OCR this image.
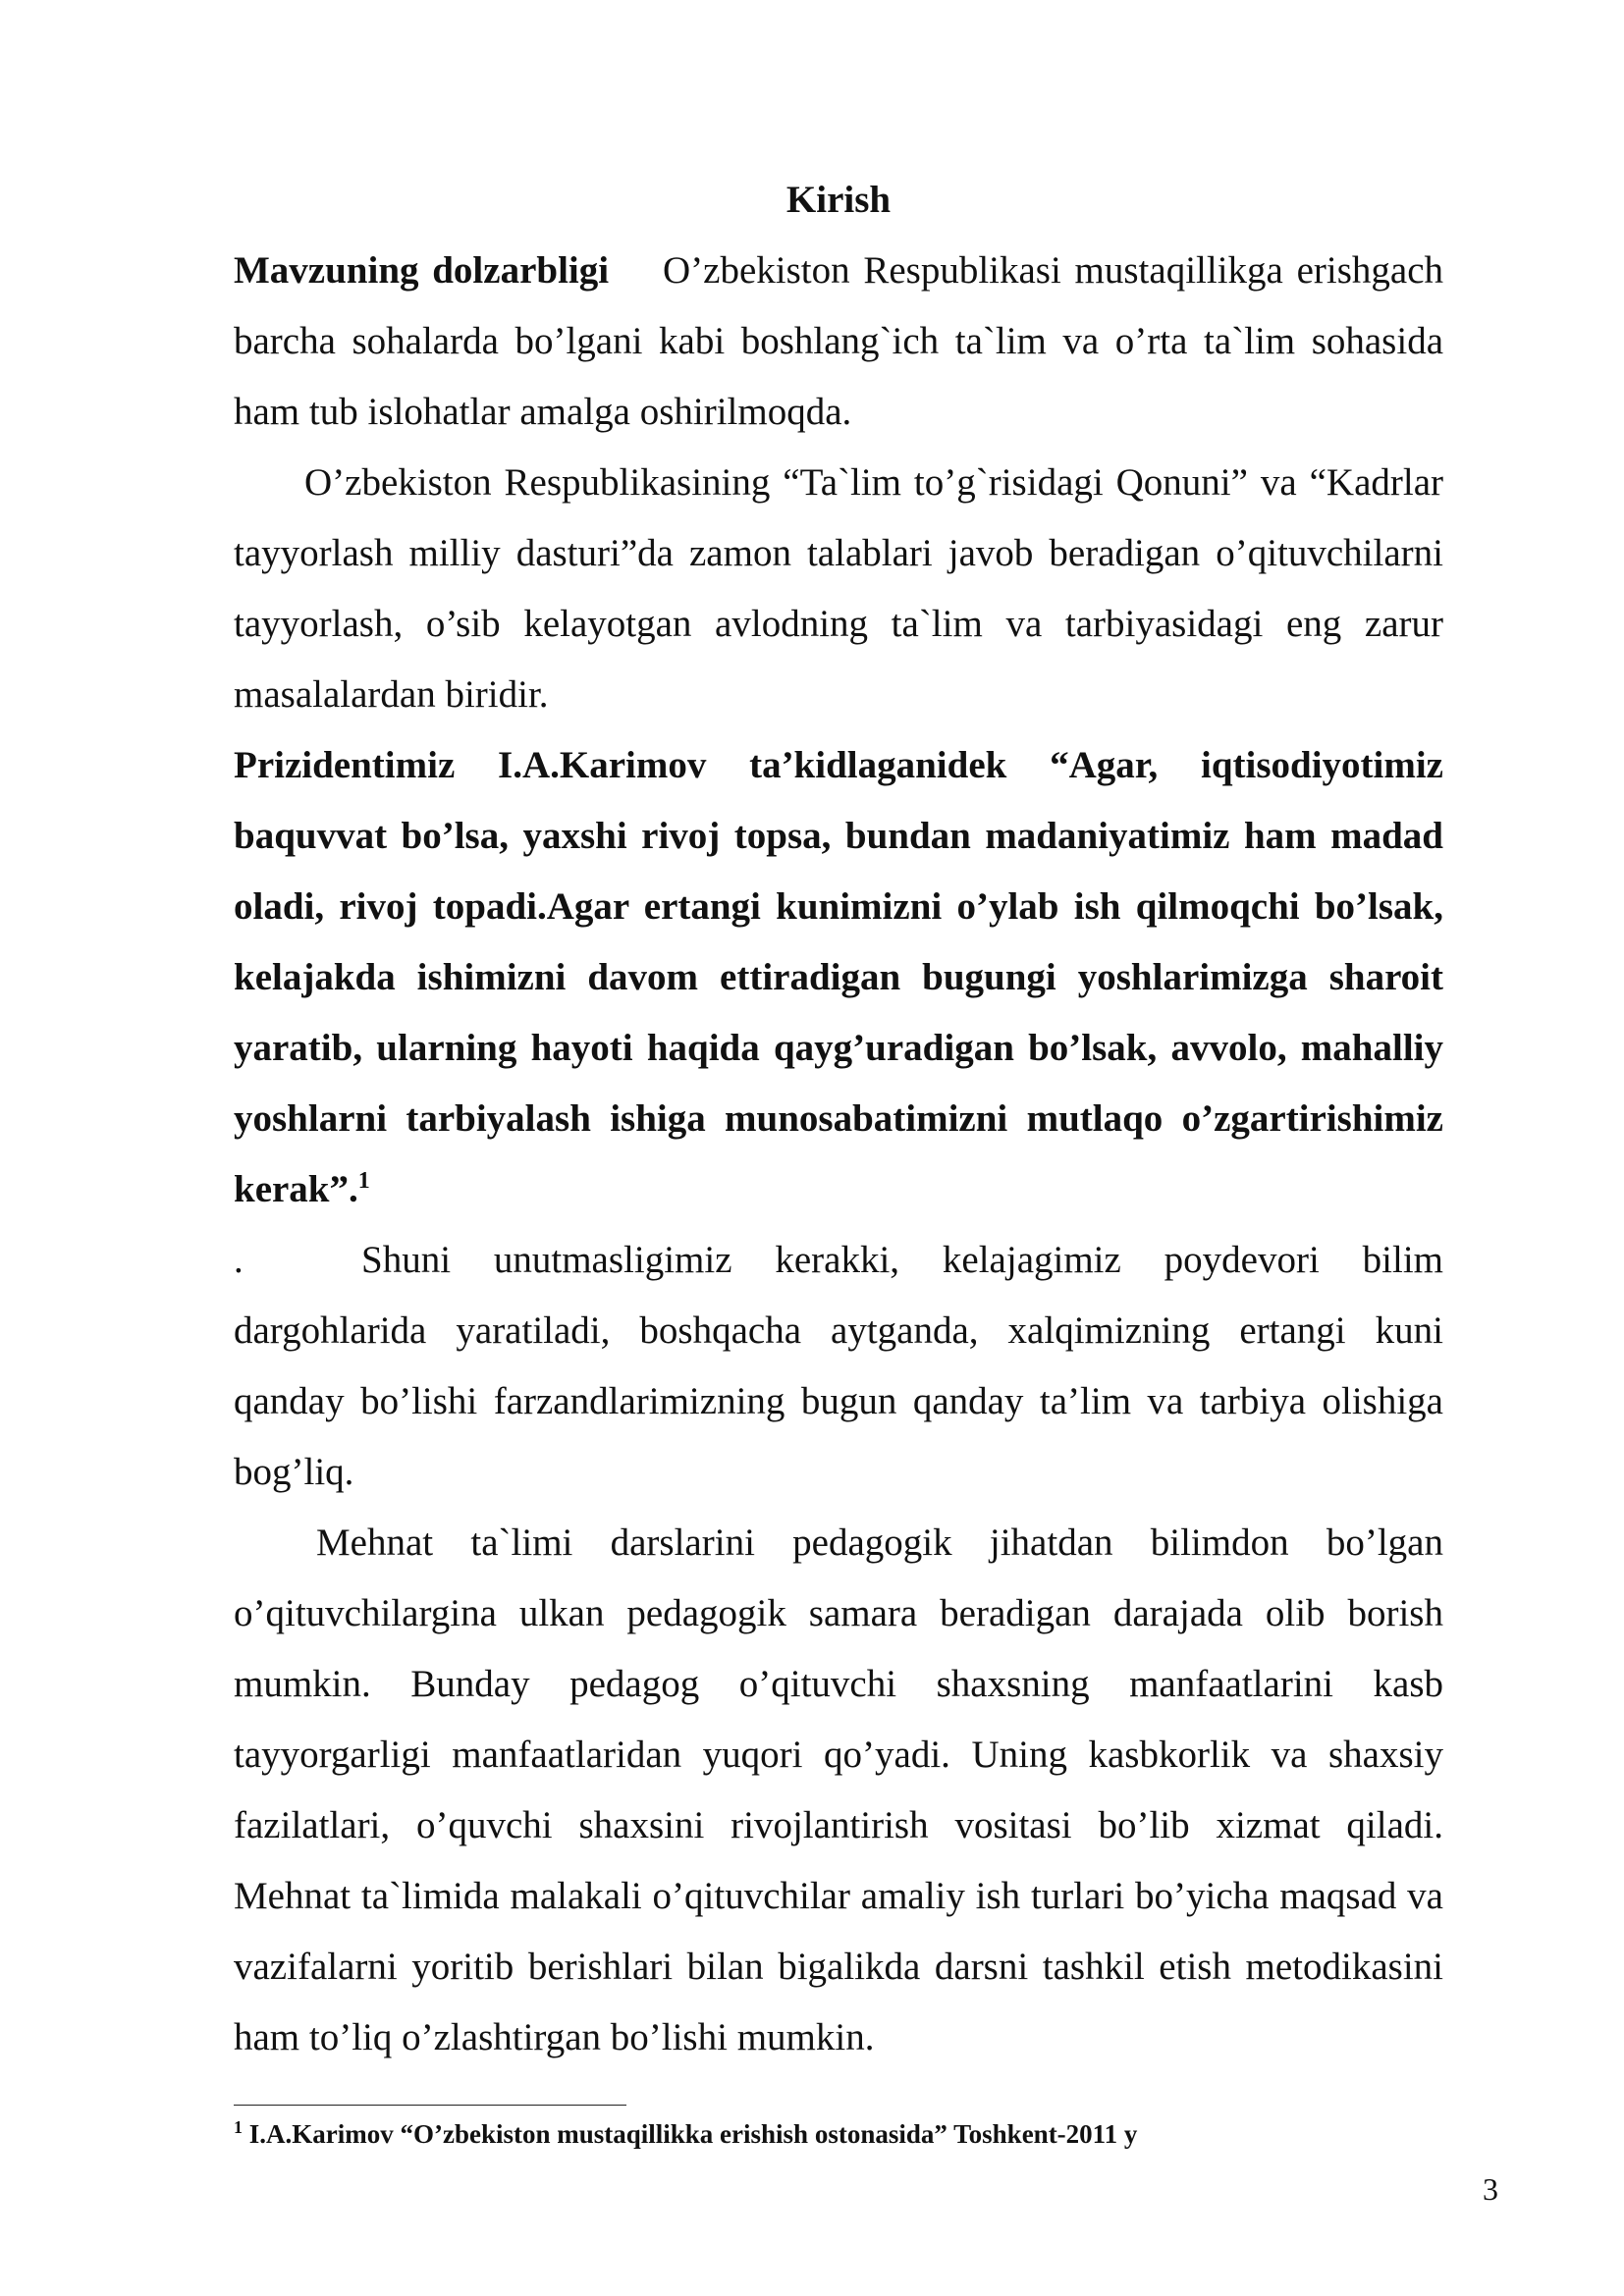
Kirish

Mavzuning dolzarbligi O’zbekiston Respublikasi mustaqillikga erishgach barcha sohalarda bo’lgani kabi boshlang`ich ta`lim va o’rta ta`lim sohasida ham tub islohatlar amalga oshirilmoqda.

O’zbekiston Respublikasining “Ta`lim to’g`risidagi Qonuni” va “Kadrlar tayyorlash milliy dasturi”da zamon talablari javob beradigan o’qituvchilarni tayyorlash, o’sib kelayotgan avlodning ta`lim va tarbiyasidagi eng zarur masalalardan biridir.

Prizidentimiz I.A.Karimov ta’kidlaganidek “Agar, iqtisodiyotimiz baquvvat bo’lsa, yaxshi rivoj topsa, bundan madaniyatimiz ham madad oladi, rivoj topadi.Agar ertangi kunimizni o’ylab ish qilmoqchi bo’lsak, kelajakda ishimizni davom ettiradigan bugungi yoshlarimizga sharoit yaratib, ularning hayoti haqida qayg’uradigan bo’lsak, avvolo, mahalliy yoshlarni tarbiyalash ishiga munosabatimizni mutlaqo o’zgartirishimiz kerak”.$^1$

.	Shuni unutmasligimiz kerakki, kelajagimiz poydevori bilim dargohlarida yaratiladi, boshqacha aytganda, xalqimizning ertangi kuni qanday bo’lishi farzandlarimizning bugun qanday ta’lim va tarbiya olishiga bog’liq.

Mehnat ta`limi darslarini pedagogik jihatdan bilimdon bo’lgan o’qituvchilargina ulkan pedagogik samara beradigan darajada olib borish mumkin. Bunday pedagog o’qituvchi shaxsning manfaatlarini kasb tayyorgarligi manfaatlaridan yuqori qo’yadi. Uning kasbkorlik va shaxsiy fazilatlari, o’quvchi shaxsini rivojlantirish vositasi bo’lib xizmat qiladi. Mehnat ta`limida malakali o’qituvchilar amaliy ish turlari bo’yicha maqsad va vazifalarni yoritib berishlari bilan bigalikda darsni tashkil etish metodikasini ham to’liq o’zlashtirgan bo’lishi mumkin.

$^1$ I.A.Karimov “O’zbekiston mustaqillikka erishish ostonasida” Toshkent-2011 y
3
